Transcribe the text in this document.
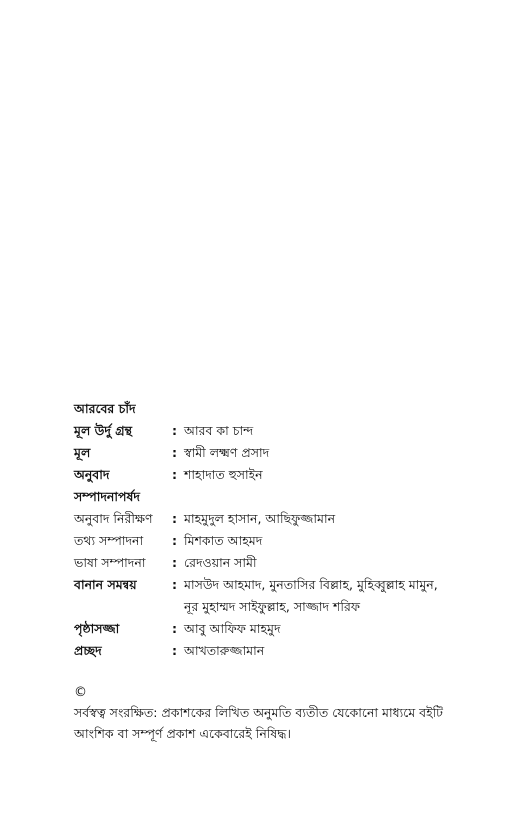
আরবের চাঁদ
মূল উর্দু গ্রন্থ	: আরব কা চান্দ
মূল	: স্বামী লক্ষ্মণ প্রসাদ
অনুবাদ	: শাহাদাত হুসাইন
সম্পাদনাপর্ষদ
অনুবাদ নিরীক্ষণ	: মাহমুদুল হাসান, আছিফুজ্জামান
তথ্য সম্পাদনা	: মিশকাত আহমদ
ভাষা সম্পাদনা	: রেদওয়ান সামী
বানান সমন্বয়	: মাসউদ আহমাদ, মুনতাসির বিল্লাহ, মুহিব্বুল্লাহ মামুন,
নূর মুহাম্মদ সাইফুল্লাহ, সাজ্জাদ শরিফ
পৃষ্ঠাসজ্জা	: আবু আফিফ মাহমুদ
প্রচ্ছদ	: আখতারুজ্জামান
©
সর্বস্বত্ব সংরক্ষিত: প্রকাশকের লিখিত অনুমতি ব্যতীত যেকোনো মাধ্যমে বইটি আংশিক বা সম্পূর্ণ প্রকাশ একেবারেই নিষিদ্ধ।
